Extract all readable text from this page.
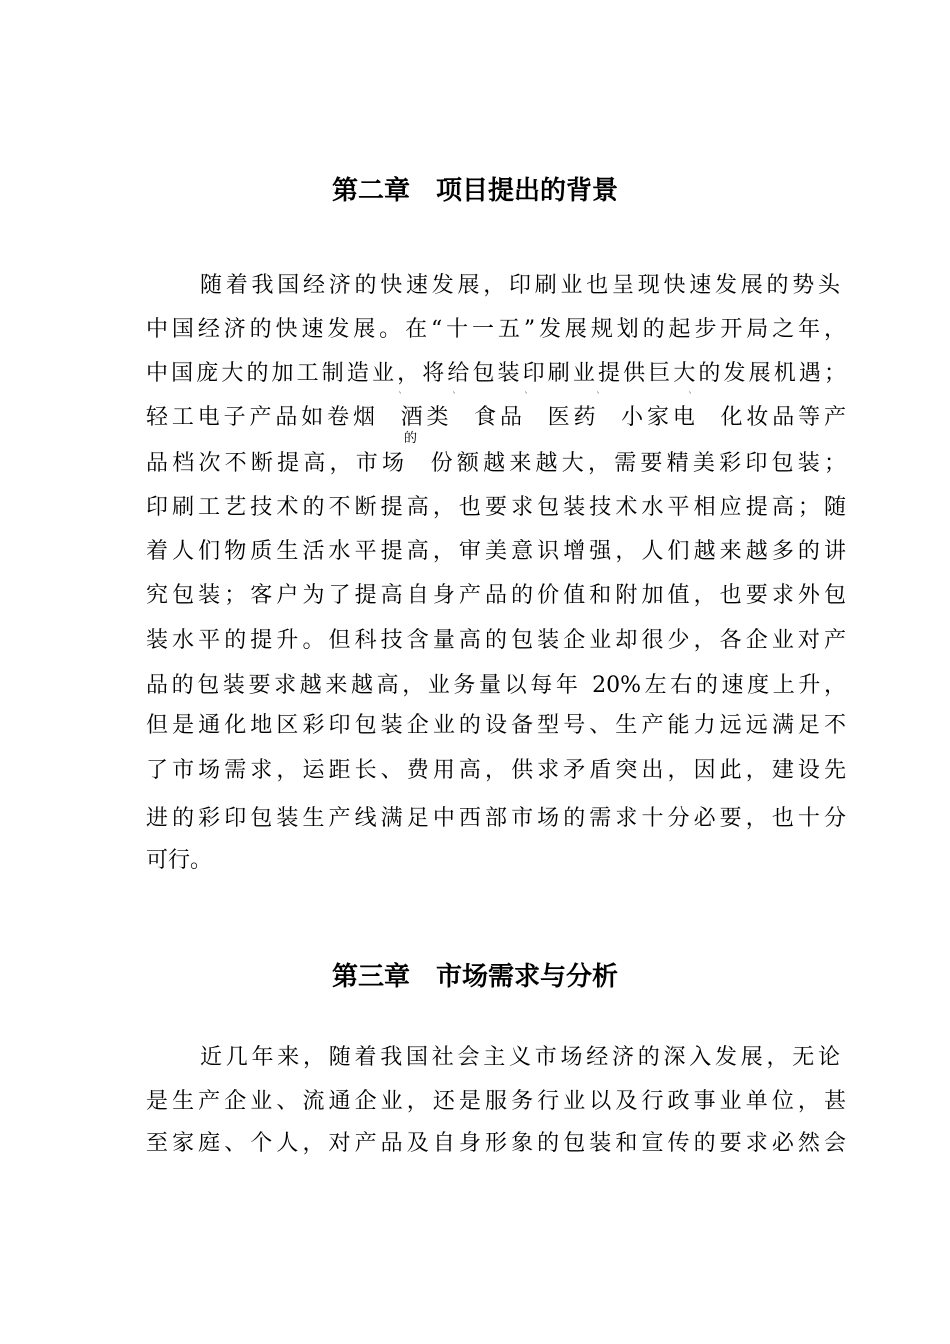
第二章　项目提出的背景
随着我国经济的快速发展，印刷业也呈现快速发展的势头
中国经济的快速发展。在“十一五”发展规划的起步开局之年，
中国庞大的加工制造业，将给包装印刷业提供巨大的发展机遇；
轻工电子产品如卷烟  酒类  食品  医药  小家电  化妆品等产
ˋ	ˋ	ˋ	ˋ	ˋ
的
品档次不断提高，市场  份额越来越大，需要精美彩印包装；
印刷工艺技术的不断提高，也要求包装技术水平相应提高；随
着人们物质生活水平提高，审美意识增强，人们越来越多的讲
究包装；客户为了提高自身产品的价值和附加值，也要求外包
装水平的提升。但科技含量高的包装企业却很少，各企业对产
品的包装要求越来越高，业务量以每年 20%左右的速度上升，
但是通化地区彩印包装企业的设备型号、生产能力远远满足不
了市场需求，运距长、费用高，供求矛盾突出，因此，建设先
进的彩印包装生产线满足中西部市场的需求十分必要，也十分
可行。
第三章　市场需求与分析
近几年来，随着我国社会主义市场经济的深入发展，无论
是生产企业、流通企业，还是服务行业以及行政事业单位，甚
至家庭、个人，对产品及自身形象的包装和宣传的要求必然会
